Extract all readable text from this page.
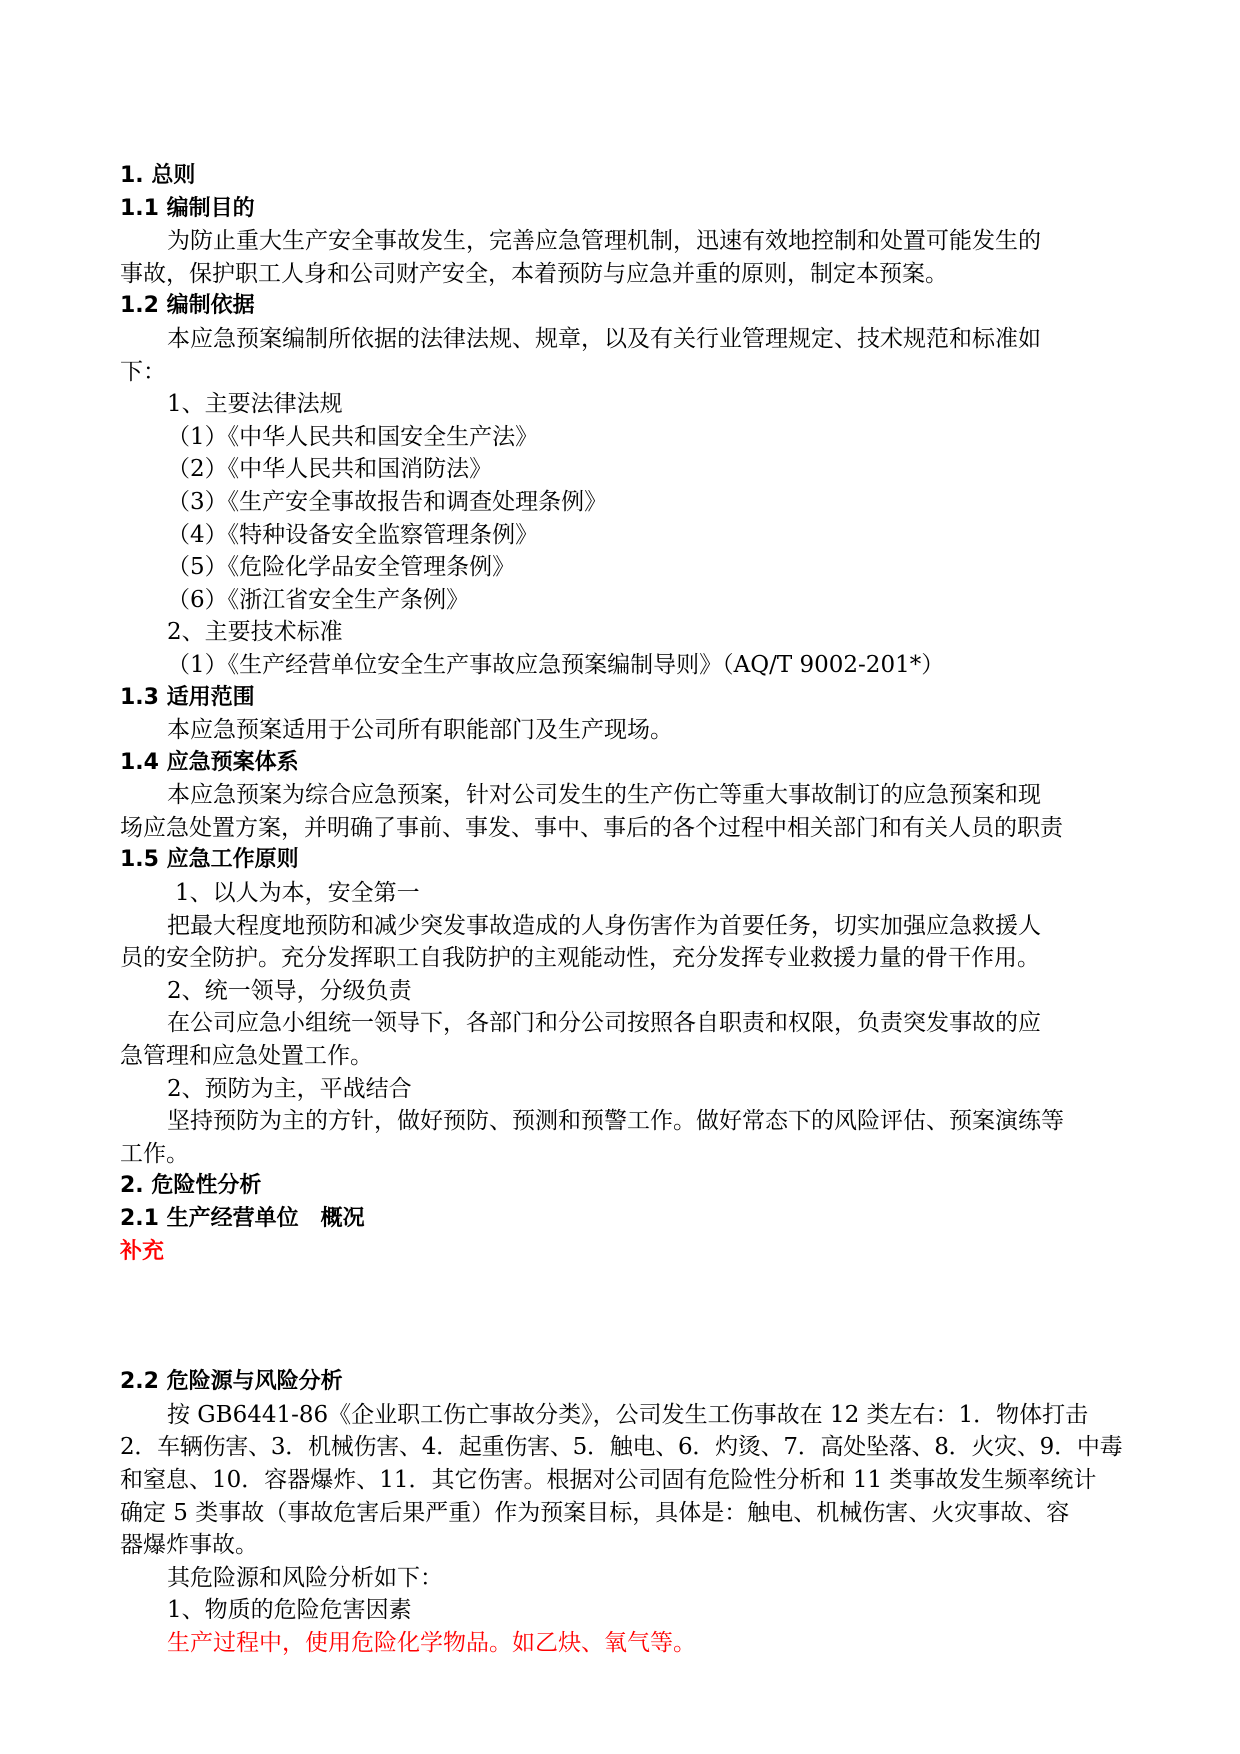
1. 总则
1.1 编制目的
为防止重大生产安全事故发生，完善应急管理机制，迅速有效地控制和处置可能发生的
事故，保护职工人身和公司财产安全，本着预防与应急并重的原则，制定本预案。
1.2 编制依据
本应急预案编制所依据的法律法规、规章，以及有关行业管理规定、技术规范和标准如
下：
1、主要法律法规
（1）《中华人民共和国安全生产法》
（2）《中华人民共和国消防法》
（3）《生产安全事故报告和调查处理条例》
（4）《特种设备安全监察管理条例》
（5）《危险化学品安全管理条例》
（6）《浙江省安全生产条例》
2、主要技术标准
（1）《生产经营单位安全生产事故应急预案编制导则》（AQ/T 9002-201*）
1.3 适用范围
本应急预案适用于公司所有职能部门及生产现场。
1.4 应急预案体系
本应急预案为综合应急预案，针对公司发生的生产伤亡等重大事故制订的应急预案和现
场应急处置方案，并明确了事前、事发、事中、事后的各个过程中相关部门和有关人员的职责
1.5 应急工作原则
1、以人为本，安全第一
把最大程度地预防和减少突发事故造成的人身伤害作为首要任务，切实加强应急救援人
员的安全防护。充分发挥职工自我防护的主观能动性，充分发挥专业救援力量的骨干作用。
2、统一领导，分级负责
在公司应急小组统一领导下，各部门和分公司按照各自职责和权限，负责突发事故的应
急管理和应急处置工作。
2、预防为主，平战结合
坚持预防为主的方针，做好预防、预测和预警工作。做好常态下的风险评估、预案演练等
工作。
2. 危险性分析
2.1 生产经营单位　概况
补充
2.2 危险源与风险分析
按 GB6441-86《企业职工伤亡事故分类》，公司发生工伤事故在 12 类左右：1．物体打击
2．车辆伤害、3．机械伤害、4．起重伤害、5．触电、6．灼烫、7．高处坠落、8．火灾、9．中毒
和窒息、10．容器爆炸、11．其它伤害。根据对公司固有危险性分析和 11 类事故发生频率统计
确定 5 类事故（事故危害后果严重）作为预案目标，具体是：触电、机械伤害、火灾事故、容
器爆炸事故。
其危险源和风险分析如下：
1、物质的危险危害因素
生产过程中，使用危险化学物品。如乙炔、氧气等。
